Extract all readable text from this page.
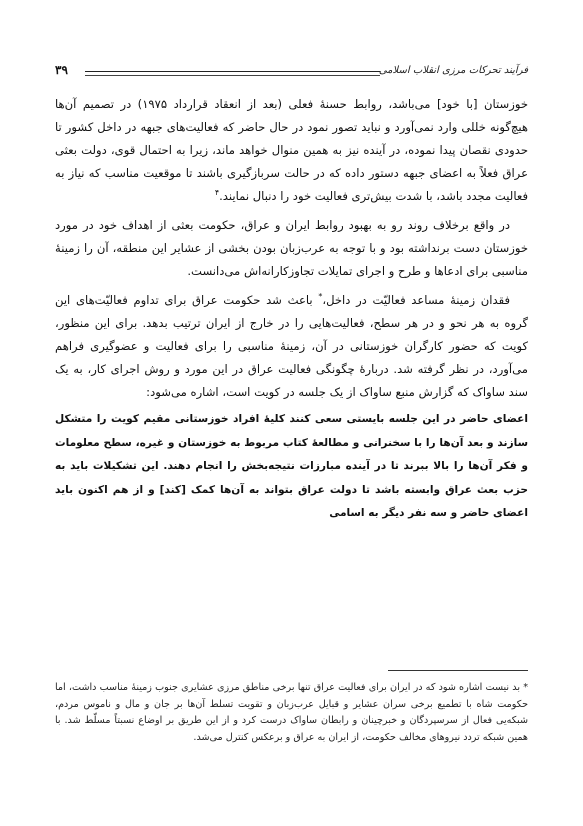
فرآیند تحرکات مرزی انقلاب اسلامی
۳۹

خوزستان [با خود] می‌باشد، روابط حسنهٔ فعلی (بعد از انعقاد قرارداد ۱۹۷۵) در تصمیم آن‌ها هیچ‌گونه خللی وارد نمی‌آورد و نباید تصور نمود در حال حاضر که فعالیت‌های جبهه در داخل کشور تا حدودی نقصان پیدا نموده، در آینده نیز به همین منوال خواهد ماند، زیرا به احتمال قوی، دولت بعثی عراق فعلاً به اعضای جبهه دستور داده که در حالت سربازگیری باشند تا موقعیت مناسب که نیاز به فعالیت مجدد باشد، با شدت بیش‌تری فعالیت خود را دنبال نمایند.$^۴$

در واقع برخلاف روند رو به بهبود روابط ایران و عراق، حکومت بعثی از اهداف خود در مورد خوزستان دست برنداشته بود و با توجه به عرب‌زبان بودن بخشی از عشایر این منطقه، آن را زمینهٔ مناسبی برای ادعاها و طرح و اجرای تمایلات تجاوزکارانه‌اش می‌دانست.

فقدان زمینهٔ مساعد فعالیّت در داخل،* باعث شد حکومت عراق برای تداوم فعالیّت‌های این گروه به هر نحو و در هر سطح، فعالیت‌هایی را در خارج از ایران ترتیب بدهد. برای این منظور، کویت که حضور کارگران خوزستانی در آن، زمینهٔ مناسبی را برای فعالیت و عضوگیری فراهم می‌آورد، در نظر گرفته شد. دربارهٔ چگونگی فعالیت عراق در این مورد و روش اجرای کار، به یک سند ساواک که گزارش منبع ساواک از یک جلسه در کویت است، اشاره می‌شود:

اعضای حاضر در این جلسه بایستی سعی کنند کلیهٔ افراد خوزستانی مقیم کویت را متشکل سازند و بعد آن‌ها را با سخنرانی و مطالعهٔ کتاب مربوط به خوزستان و غیره، سطح معلومات و فکر آن‌ها را بالا ببرند تا در آینده مبارزات نتیجه‌بخش را انجام دهند. این تشکیلات باید به حزب بعث عراق وابسته باشد تا دولت عراق بتواند به آن‌ها کمک [کند] و از هم اکنون باید اعضای حاضر و سه نفر دیگر به اسامی

* بد نیست اشاره شود که در ایران برای فعالیت عراق تنها برخی مناطق مرزی عشایری جنوب زمینهٔ مناسب داشت، اما حکومت شاه با تطمیع برخی سران عشایر و قبایل عرب‌زبان و تقویت تسلط آن‌ها بر جان و مال و ناموس مردم، شبکه‌یی فعال از سرسپردگان و خبرچینان و رابطان ساواک درست کرد و از این طریق بر اوضاع نسبتاً مسلّط شد. با همین شبکه تردد نیروهای مخالف حکومت، از ایران به عراق و برعکس کنترل می‌شد.
